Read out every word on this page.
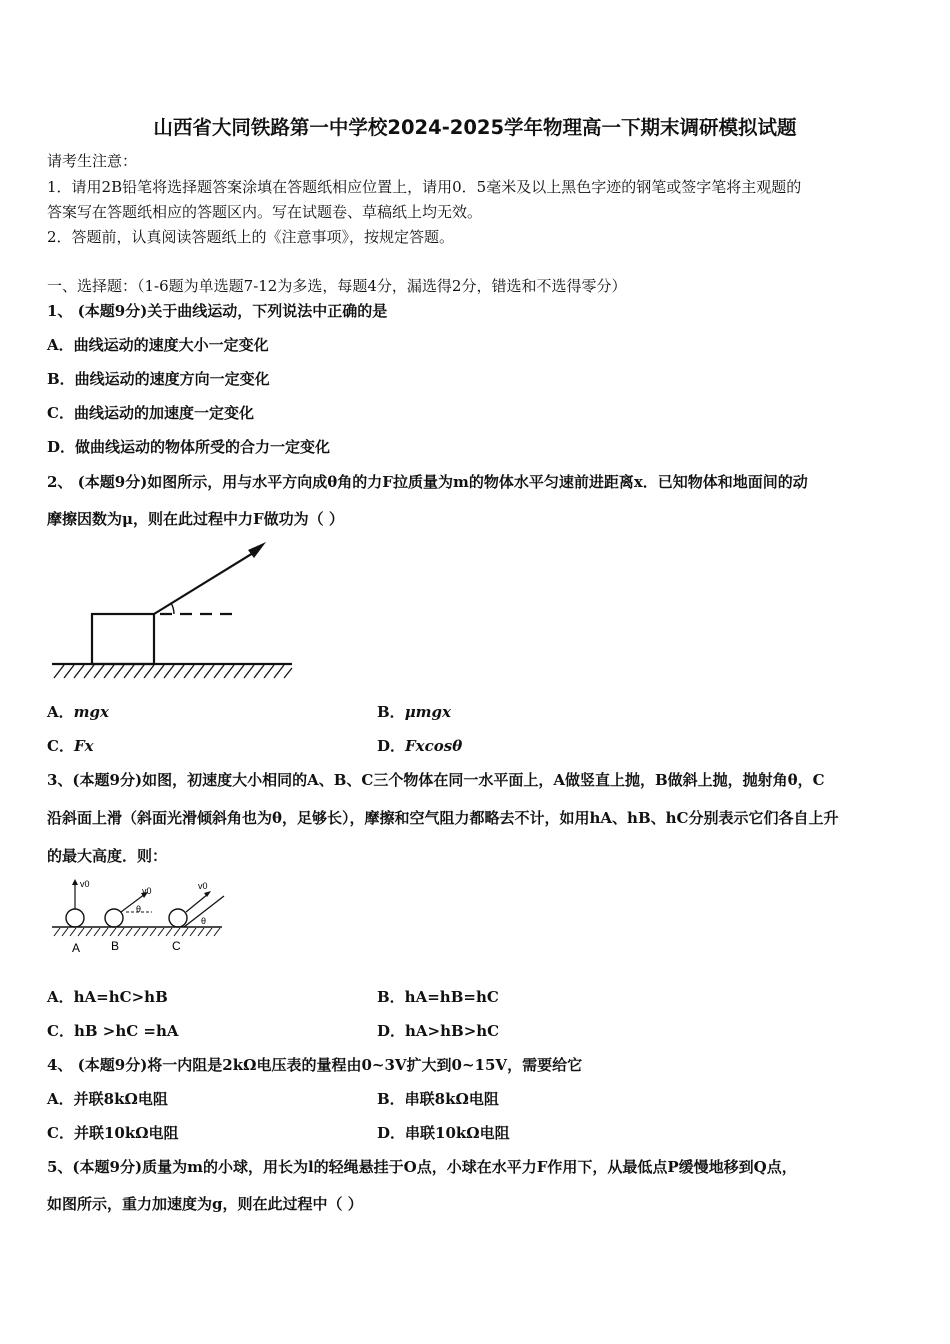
山西省大同铁路第一中学校2024-2025学年物理高一下期末调研模拟试题
请考生注意：
1．请用2B铅笔将选择题答案涂填在答题纸相应位置上，请用0．5毫米及以上黑色字迹的钢笔或签字笔将主观题的
答案写在答题纸相应的答题区内。写在试题卷、草稿纸上均无效。
2．答题前，认真阅读答题纸上的《注意事项》，按规定答题。
一、选择题：（1-6题为单选题7-12为多选，每题4分，漏选得2分，错选和不选得零分）
1、 (本题9分)关于曲线运动，下列说法中正确的是
A．曲线运动的速度大小一定变化
B．曲线运动的速度方向一定变化
C．曲线运动的加速度一定变化
D．做曲线运动的物体所受的合力一定变化
2、 (本题9分)如图所示，用与水平方向成θ角的力F拉质量为m的物体水平匀速前进距离x．已知物体和地面间的动
摩擦因数为μ，则在此过程中力F做功为（ ）
A．mgx	B．μmgx
C．Fx	D．Fxcosθ
3、(本题9分)如图，初速度大小相同的A、B、C三个物体在同一水平面上，A做竖直上抛，B做斜上抛，抛射角θ，C
沿斜面上滑（斜面光滑倾斜角也为θ，足够长），摩擦和空气阻力都略去不计，如用hA、hB、hC分别表示它们各自上升
的最大高度．则：
v0
v0
θ
v0
θ
A	B	C
A．hA=hC>hB	B．hA=hB=hC
C．hB >hC =hA	D．hA>hB>hC
4、 (本题9分)将一内阻是2kΩ电压表的量程由0~3V扩大到0~15V，需要给它
A．并联8kΩ电阻	B．串联8kΩ电阻
C．并联10kΩ电阻	D．串联10kΩ电阻
5、(本题9分)质量为m的小球，用长为l的轻绳悬挂于O点，小球在水平力F作用下，从最低点P缓慢地移到Q点，
如图所示，重力加速度为g，则在此过程中（ ）
